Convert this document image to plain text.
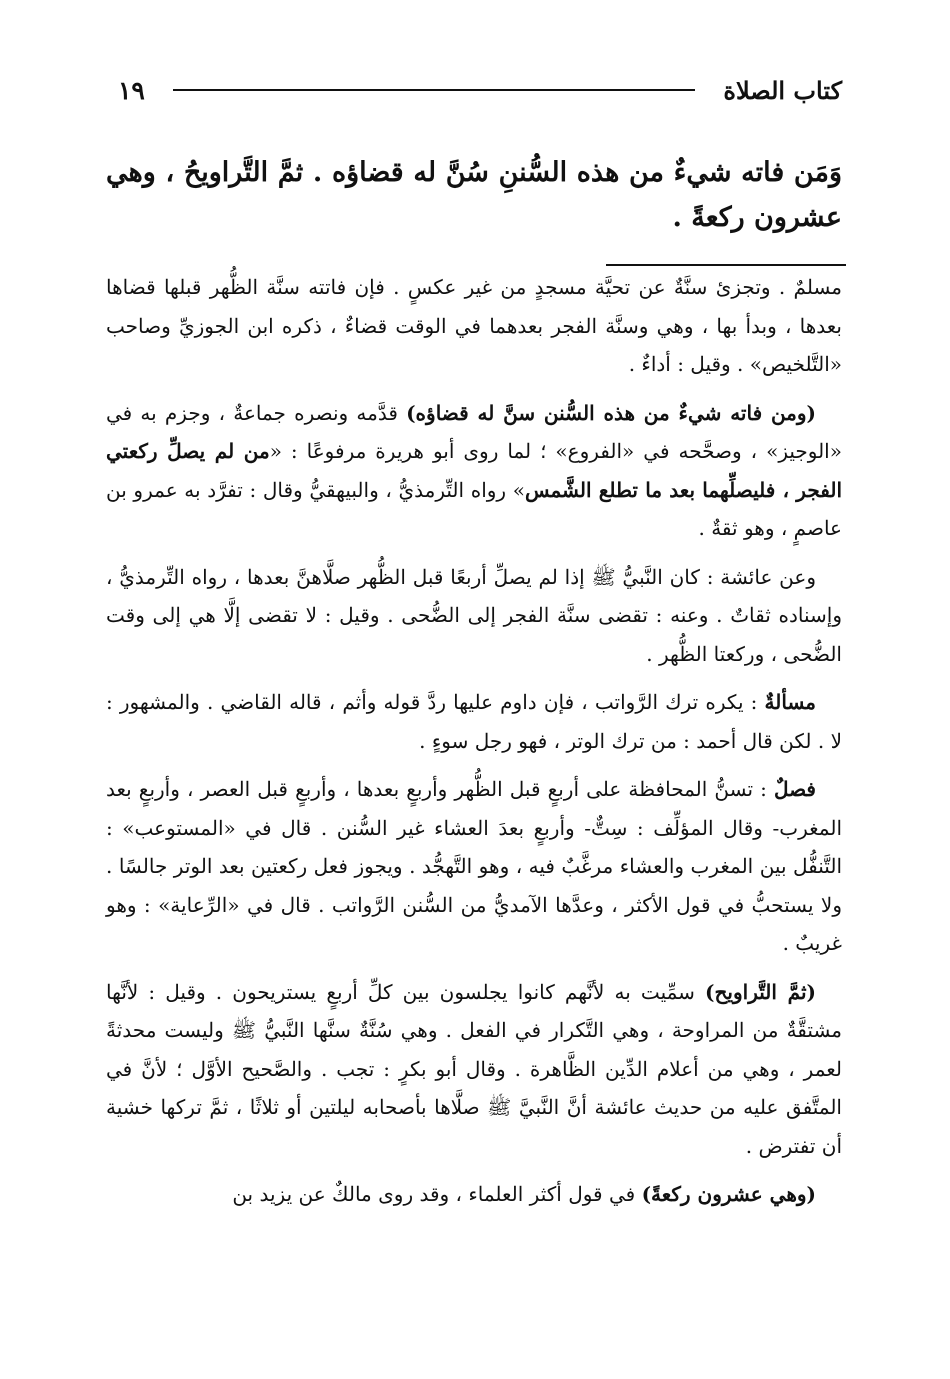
كتاب الصلاة
١٩
وَمَن فاته شيءٌ من هذه السُّننِ سُنَّ له قضاؤه . ثمَّ التَّراويحُ ، وهي عشرون ركعةً .

مسلمٌ . وتجزئ سنَّةٌ عن تحيَّة مسجدٍ من غير عكسٍ . فإن فاتته سنَّة الظُّهر قبلها قضاها بعدها ، وبدأ بها ، وهي وسنَّة الفجر بعدهما في الوقت قضاءٌ ، ذكره ابن الجوزيِّ وصاحب «التَّلخيص» . وقيل : أداءٌ .

(ومن فاته شيءٌ من هذه السُّنن سنَّ له قضاؤه) قدَّمه ونصره جماعةٌ ، وجزم به في «الوجيز» ، وصحَّحه في «الفروع» ؛ لما روى أبو هريرة مرفوعًا : «من لم يصلِّ ركعتي الفجر ، فليصلِّهما بعد ما تطلع الشَّمس» رواه التِّرمذيُّ ، والبيهقيُّ وقال : تفرَّد به عمرو بن عاصمٍ ، وهو ثقةٌ .

وعن عائشة : كان النَّبيُّ ﷺ إذا لم يصلِّ أربعًا قبل الظُّهر صلَّاهنَّ بعدها ، رواه التِّرمذيُّ ، وإسناده ثقاتٌ . وعنه : تقضى سنَّة الفجر إلى الضُّحى . وقيل : لا تقضى إلَّا هي إلى وقت الضُّحى ، وركعتا الظُّهر .

مسألةٌ : يكره ترك الرَّواتب ، فإن داوم عليها ردَّ قوله وأثم ، قاله القاضي . والمشهور : لا . لكن قال أحمد : من ترك الوتر ، فهو رجل سوءٍ .

فصلٌ : تسنُّ المحافظة على أربعٍ قبل الظُّهر وأربعٍ بعدها ، وأربعٍ قبل العصر ، وأربعٍ بعد المغرب- وقال المؤلِّف : سِتٌّ- وأربعٍ بعدَ العشاء غير السُّنن . قال في «المستوعب» : التَّنفُّل بين المغرب والعشاء مرغَّبٌ فيه ، وهو التَّهجُّد . ويجوز فعل ركعتين بعد الوتر جالسًا . ولا يستحبُّ في قول الأكثر ، وعدَّها الآمديُّ من السُّنن الرَّواتب . قال في «الرِّعاية» : وهو غريبٌ .

(ثمَّ التَّراويح) سمِّيت به لأنَّهم كانوا يجلسون بين كلِّ أربعٍ يستريحون . وقيل : لأنَّها مشتقَّةٌ من المراوحة ، وهي التَّكرار في الفعل . وهي سُنَّةٌ سنَّها النَّبيُّ ﷺ وليست محدثةً لعمر ، وهي من أعلام الدِّين الظَّاهرة . وقال أبو بكرٍ : تجب . والصَّحيح الأوَّل ؛ لأنَّ في المتَّفق عليه من حديث عائشة أنَّ النَّبيَّ ﷺ صلَّاها بأصحابه ليلتين أو ثلاثًا ، ثمَّ تركها خشية أن تفترض .

(وهي عشرون ركعةً) في قول أكثر العلماء ، وقد روى مالكٌ عن يزيد بن
